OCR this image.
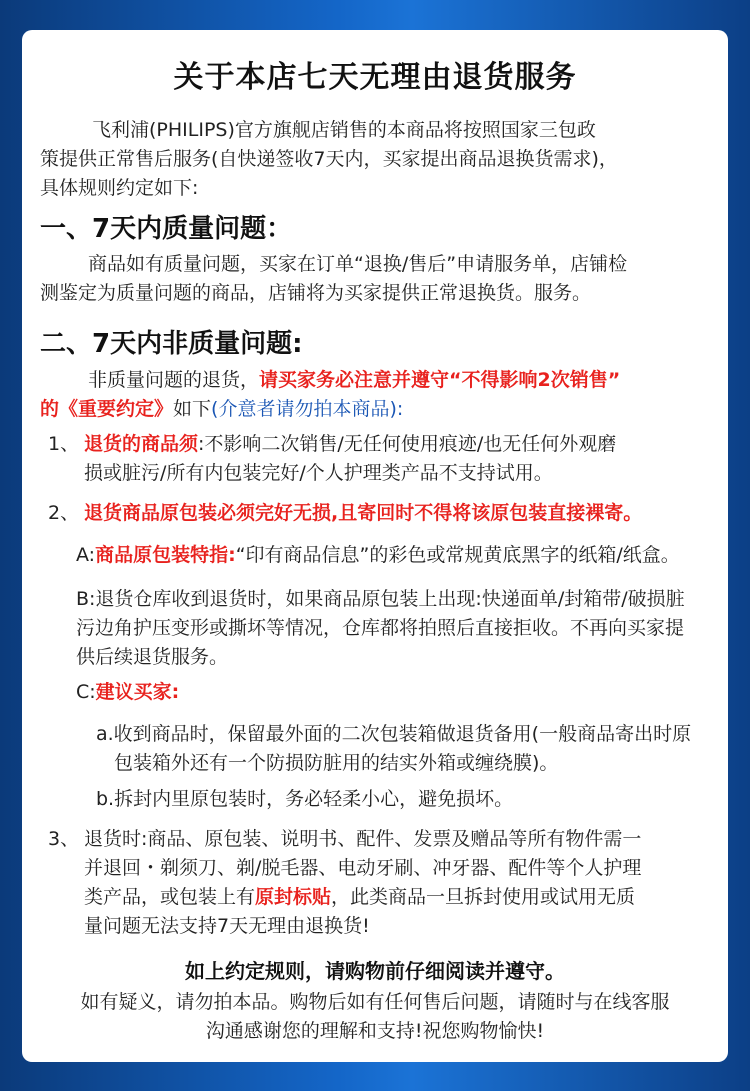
关于本店七天无理由退货服务
飞利浦(PHILIPS)官方旗舰店销售的本商品将按照国家三包政
策提供正常售后服务(自快递签收7天内，买家提出商品退换货需求)，
具体规则约定如下:
一、7天内质量问题：
商品如有质量问题，买家在订单“退换/售后”申请服务单，店铺检
测鉴定为质量问题的商品，店铺将为买家提供正常退换货。服务。
二、7天内非质量问题:
非质量问题的退货，请买家务必注意并遵守“不得影响2次销售”
的《重要约定》如下(介意者请勿拍本商品):
1、 退货的商品须:不影响二次销售/无任何使用痕迹/也无任何外观磨
损或脏污/所有内包装完好/个人护理类产品不支持试用。
2、 退货商品原包装必须完好无损,且寄回时不得将该原包装直接裸寄。
A:商品原包装特指:“印有商品信息”的彩色或常规黄底黑字的纸箱/纸盒。
B:退货仓库收到退货时，如果商品原包装上出现:快递面单/封箱带/破损脏
污边角护压变形或撕坏等情况，仓库都将拍照后直接拒收。不再向买家提
供后续退货服务。
C:建议买家:
a.收到商品时，保留最外面的二次包装箱做退货备用(一般商品寄出时原
包装箱外还有一个防损防脏用的结实外箱或缠绕膜)。
b.拆封内里原包装时，务必轻柔小心，避免损坏。
3、 退货时:商品、原包装、说明书、配件、发票及赠品等所有物件需一
并退回・剃须刀、剃/脱毛器、电动牙刷、冲牙器、配件等个人护理
类产品，或包装上有原封标贴，此类商品一旦拆封使用或试用无质
量问题无法支持7天无理由退换货!
如上约定规则，请购物前仔细阅读并遵守。
如有疑义，请勿拍本品。购物后如有任何售后问题，请随时与在线客服
沟通感谢您的理解和支持!祝您购物愉快!
